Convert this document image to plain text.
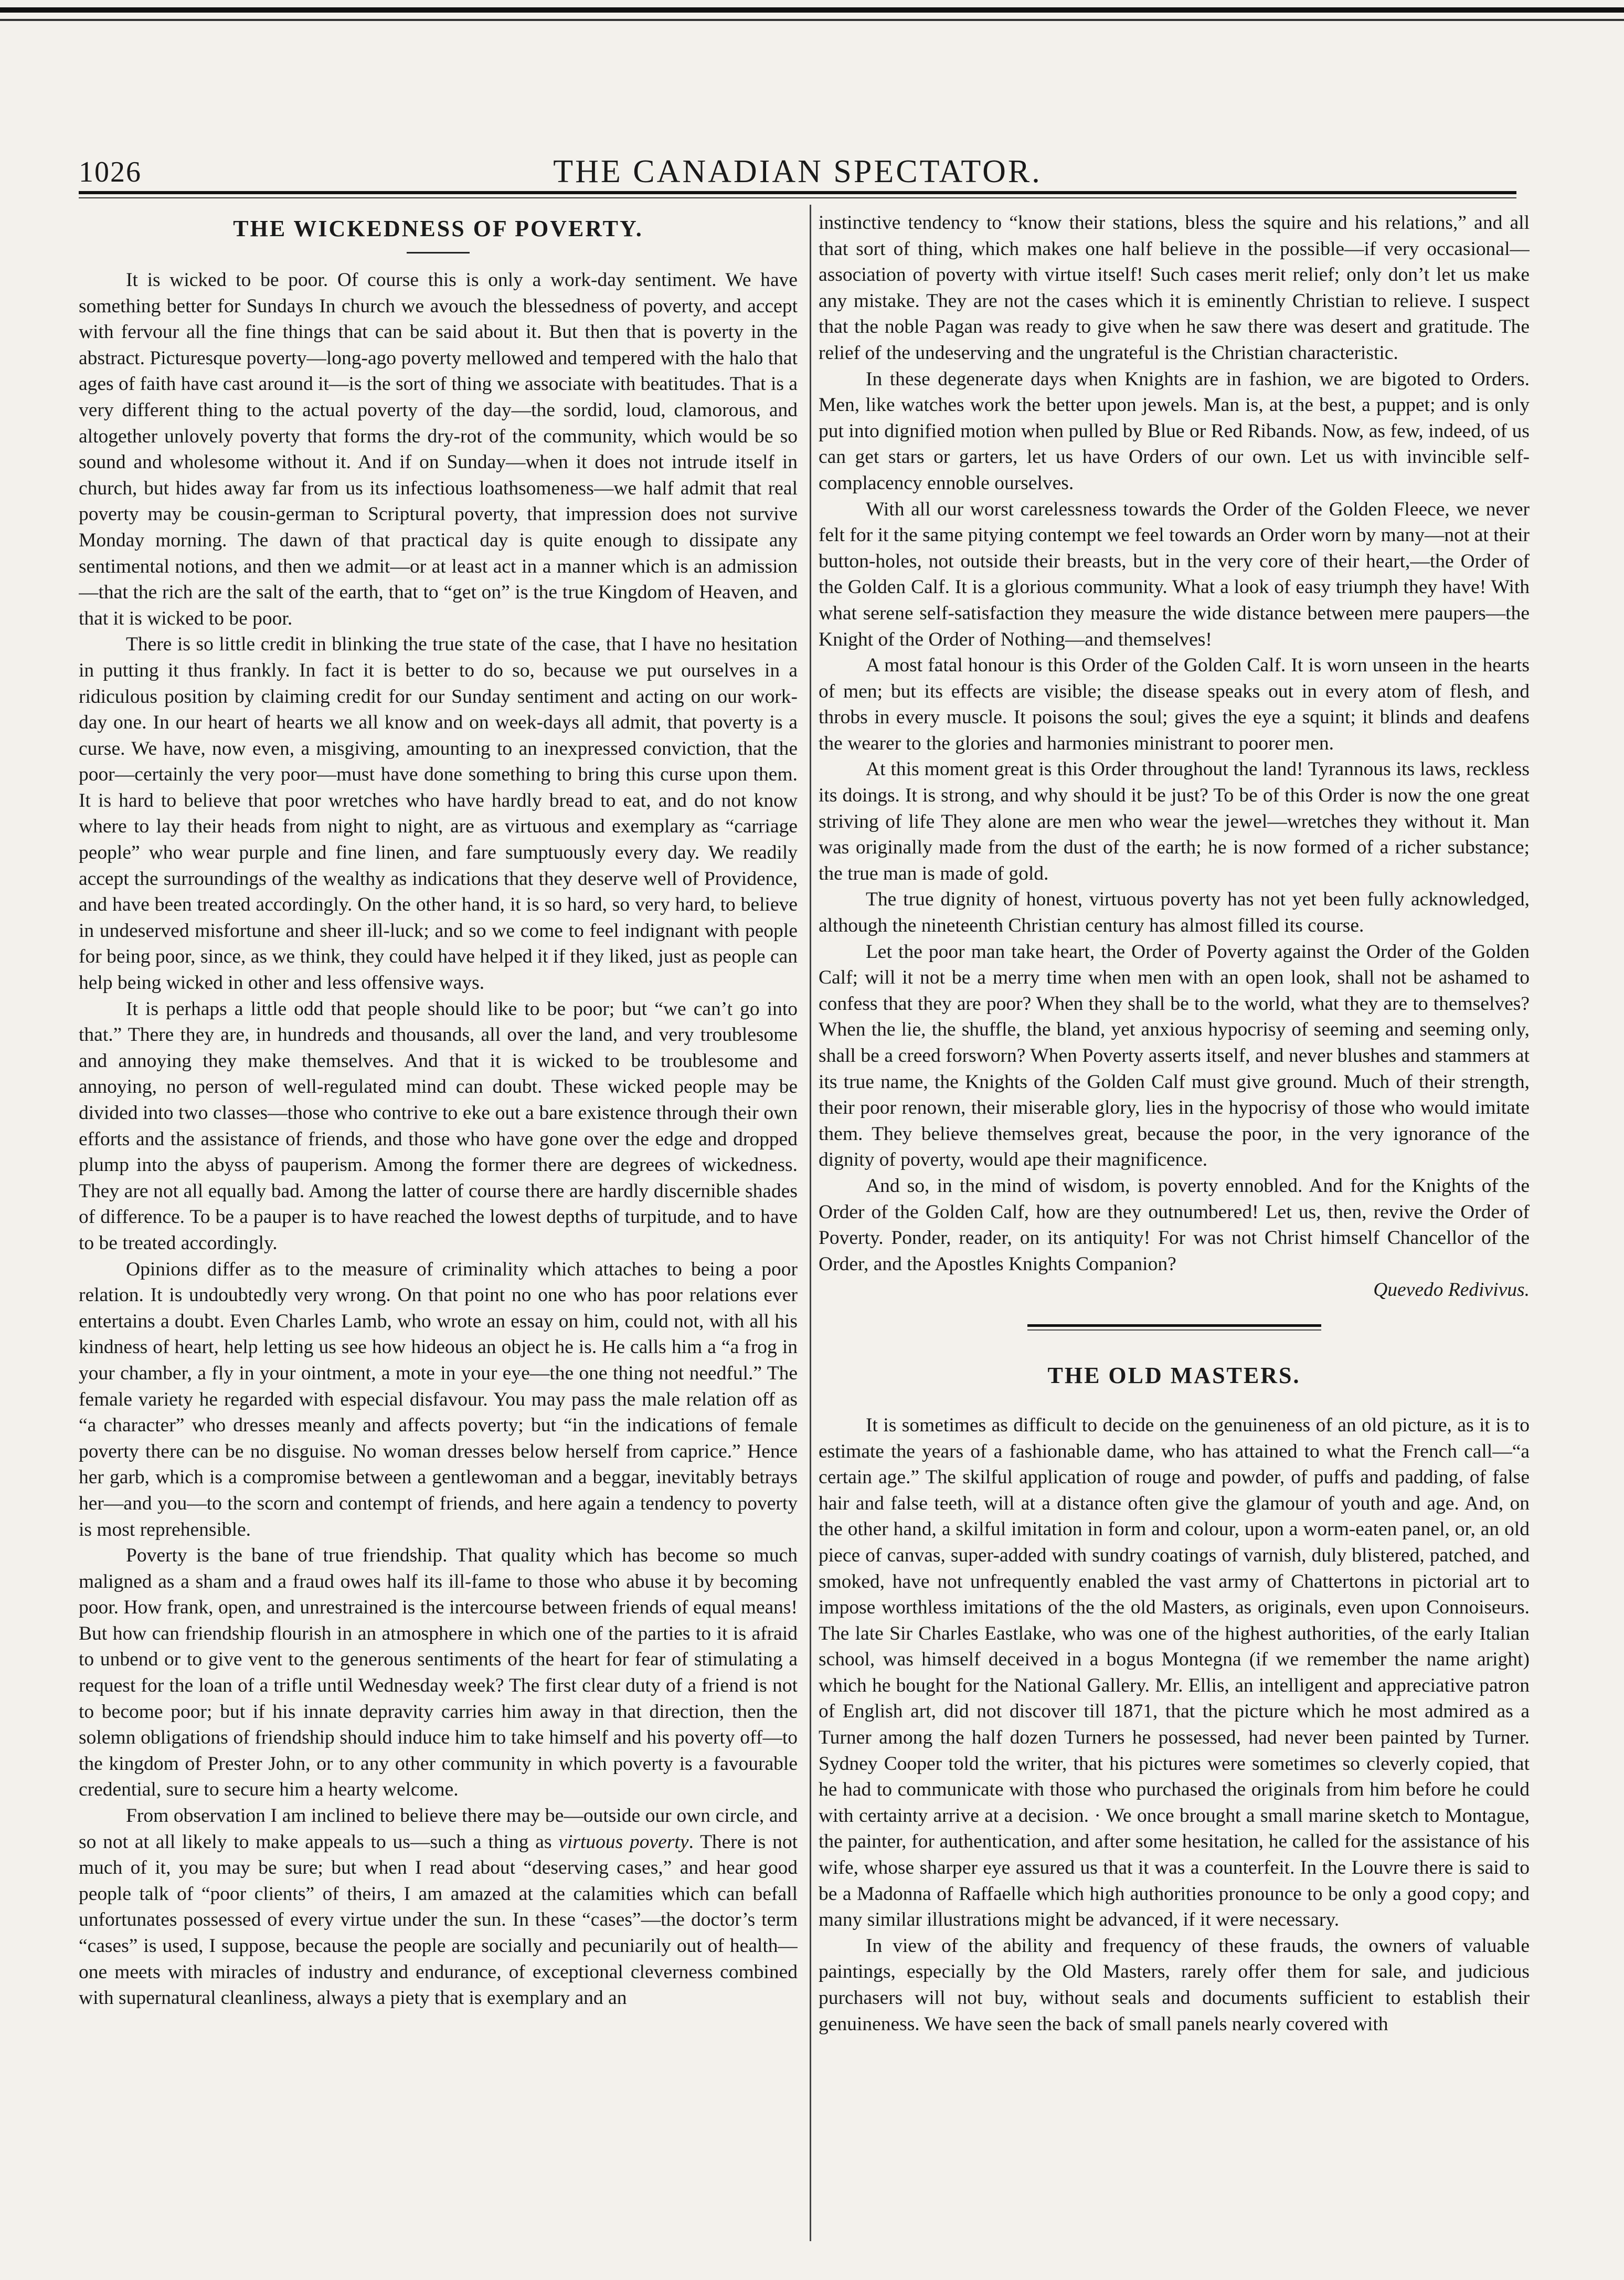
1026	THE CANADIAN SPECTATOR.
THE WICKEDNESS OF POVERTY.

It is wicked to be poor. Of course this is only a work-day sentiment. We have something better for Sundays In church we avouch the blessedness of poverty, and accept with fervour all the fine things that can be said about it. But then that is poverty in the abstract. Picturesque poverty—long-ago poverty mellowed and tempered with the halo that ages of faith have cast around it—is the sort of thing we associate with beatitudes. That is a very different thing to the actual poverty of the day—the sordid, loud, clamorous, and altogether unlovely poverty that forms the dry-rot of the community, which would be so sound and wholesome without it. And if on Sunday—when it does not intrude itself in church, but hides away far from us its infectious loathsomeness—we half admit that real poverty may be cousin-german to Scriptural poverty, that impression does not survive Monday morning. The dawn of that practical day is quite enough to dissipate any sentimental notions, and then we admit—or at least act in a manner which is an admission—that the rich are the salt of the earth, that to “get on” is the true Kingdom of Heaven, and that it is wicked to be poor.

There is so little credit in blinking the true state of the case, that I have no hesitation in putting it thus frankly. In fact it is better to do so, because we put ourselves in a ridiculous position by claiming credit for our Sunday sentiment and acting on our work-day one. In our heart of hearts we all know and on week-days all admit, that poverty is a curse. We have, now even, a misgiving, amounting to an inexpressed conviction, that the poor—certainly the very poor—must have done something to bring this curse upon them. It is hard to believe that poor wretches who have hardly bread to eat, and do not know where to lay their heads from night to night, are as virtuous and exemplary as “carriage people” who wear purple and fine linen, and fare sumptuously every day. We readily accept the surroundings of the wealthy as indications that they deserve well of Providence, and have been treated accordingly. On the other hand, it is so hard, so very hard, to believe in undeserved misfortune and sheer ill-luck; and so we come to feel indignant with people for being poor, since, as we think, they could have helped it if they liked, just as people can help being wicked in other and less offensive ways.

It is perhaps a little odd that people should like to be poor; but “we can’t go into that.” There they are, in hundreds and thousands, all over the land, and very troublesome and annoying they make themselves. And that it is wicked to be troublesome and annoying, no person of well-regulated mind can doubt. These wicked people may be divided into two classes—those who contrive to eke out a bare existence through their own efforts and the assistance of friends, and those who have gone over the edge and dropped plump into the abyss of pauperism. Among the former there are degrees of wickedness. They are not all equally bad. Among the latter of course there are hardly discernible shades of difference. To be a pauper is to have reached the lowest depths of turpitude, and to have to be treated accordingly.

Opinions differ as to the measure of criminality which attaches to being a poor relation. It is undoubtedly very wrong. On that point no one who has poor relations ever entertains a doubt. Even Charles Lamb, who wrote an essay on him, could not, with all his kindness of heart, help letting us see how hideous an object he is. He calls him a “a frog in your chamber, a fly in your ointment, a mote in your eye—the one thing not needful.” The female variety he regarded with especial disfavour. You may pass the male relation off as “a character” who dresses meanly and affects poverty; but “in the indications of female poverty there can be no disguise. No woman dresses below herself from caprice.” Hence her garb, which is a compromise between a gentlewoman and a beggar, inevitably betrays her—and you—to the scorn and contempt of friends, and here again a tendency to poverty is most reprehensible.

Poverty is the bane of true friendship. That quality which has become so much maligned as a sham and a fraud owes half its ill-fame to those who abuse it by becoming poor. How frank, open, and unrestrained is the intercourse between friends of equal means! But how can friendship flourish in an atmosphere in which one of the parties to it is afraid to unbend or to give vent to the generous sentiments of the heart for fear of stimulating a request for the loan of a trifle until Wednesday week? The first clear duty of a friend is not to become poor; but if his innate depravity carries him away in that direction, then the solemn obligations of friendship should induce him to take himself and his poverty off—to the kingdom of Prester John, or to any other community in which poverty is a favourable credential, sure to secure him a hearty welcome.

From observation I am inclined to believe there may be—outside our own circle, and so not at all likely to make appeals to us—such a thing as virtuous poverty. There is not much of it, you may be sure; but when I read about “deserving cases,” and hear good people talk of “poor clients” of theirs, I am amazed at the calamities which can befall unfortunates possessed of every virtue under the sun. In these “cases”—the doctor’s term “cases” is used, I suppose, because the people are socially and pecuniarily out of health—one meets with miracles of industry and endurance, of exceptional cleverness combined with supernatural cleanliness, always a piety that is exemplary and an

instinctive tendency to “know their stations, bless the squire and his relations,” and all that sort of thing, which makes one half believe in the possible—if very occasional—association of poverty with virtue itself! Such cases merit relief; only don’t let us make any mistake. They are not the cases which it is eminently Christian to relieve. I suspect that the noble Pagan was ready to give when he saw there was desert and gratitude. The relief of the undeserving and the ungrateful is the Christian characteristic.

In these degenerate days when Knights are in fashion, we are bigoted to Orders. Men, like watches work the better upon jewels. Man is, at the best, a puppet; and is only put into dignified motion when pulled by Blue or Red Ribands. Now, as few, indeed, of us can get stars or garters, let us have Orders of our own. Let us with invincible self-complacency ennoble ourselves.

With all our worst carelessness towards the Order of the Golden Fleece, we never felt for it the same pitying contempt we feel towards an Order worn by many—not at their button-holes, not outside their breasts, but in the very core of their heart,—the Order of the Golden Calf. It is a glorious community. What a look of easy triumph they have! With what serene self-satisfaction they measure the wide distance between mere paupers—the Knight of the Order of Nothing—and themselves!

A most fatal honour is this Order of the Golden Calf. It is worn unseen in the hearts of men; but its effects are visible; the disease speaks out in every atom of flesh, and throbs in every muscle. It poisons the soul; gives the eye a squint; it blinds and deafens the wearer to the glories and harmonies ministrant to poorer men.

At this moment great is this Order throughout the land! Tyrannous its laws, reckless its doings. It is strong, and why should it be just? To be of this Order is now the one great striving of life They alone are men who wear the jewel—wretches they without it. Man was originally made from the dust of the earth; he is now formed of a richer substance; the true man is made of gold.

The true dignity of honest, virtuous poverty has not yet been fully acknowledged, although the nineteenth Christian century has almost filled its course.

Let the poor man take heart, the Order of Poverty against the Order of the Golden Calf; will it not be a merry time when men with an open look, shall not be ashamed to confess that they are poor? When they shall be to the world, what they are to themselves? When the lie, the shuffle, the bland, yet anxious hypocrisy of seeming and seeming only, shall be a creed forsworn? When Poverty asserts itself, and never blushes and stammers at its true name, the Knights of the Golden Calf must give ground. Much of their strength, their poor renown, their miserable glory, lies in the hypocrisy of those who would imitate them. They believe themselves great, because the poor, in the very ignorance of the dignity of poverty, would ape their magnificence.

And so, in the mind of wisdom, is poverty ennobled. And for the Knights of the Order of the Golden Calf, how are they outnumbered! Let us, then, revive the Order of Poverty. Ponder, reader, on its antiquity! For was not Christ himself Chancellor of the Order, and the Apostles Knights Companion?

Quevedo Redivivus.

THE OLD MASTERS.

It is sometimes as difficult to decide on the genuineness of an old picture, as it is to estimate the years of a fashionable dame, who has attained to what the French call—“a certain age.” The skilful application of rouge and powder, of puffs and padding, of false hair and false teeth, will at a distance often give the glamour of youth and age. And, on the other hand, a skilful imitation in form and colour, upon a worm-eaten panel, or, an old piece of canvas, super-added with sundry coatings of varnish, duly blistered, patched, and smoked, have not unfrequently enabled the vast army of Chattertons in pictorial art to impose worthless imitations of the the old Masters, as originals, even upon Connoiseurs. The late Sir Charles Eastlake, who was one of the highest authorities, of the early Italian school, was himself deceived in a bogus Montegna (if we remember the name aright) which he bought for the National Gallery. Mr. Ellis, an intelligent and appreciative patron of English art, did not discover till 1871, that the picture which he most admired as a Turner among the half dozen Turners he possessed, had never been painted by Turner. Sydney Cooper told the writer, that his pictures were sometimes so cleverly copied, that he had to communicate with those who purchased the originals from him before he could with certainty arrive at a decision. · We once brought a small marine sketch to Montague, the painter, for authentication, and after some hesitation, he called for the assistance of his wife, whose sharper eye assured us that it was a counterfeit. In the Louvre there is said to be a Madonna of Raffaelle which high authorities pronounce to be only a good copy; and many similar illustrations might be advanced, if it were necessary.

In view of the ability and frequency of these frauds, the owners of valuable paintings, especially by the Old Masters, rarely offer them for sale, and judicious purchasers will not buy, without seals and documents sufficient to establish their genuineness. We have seen the back of small panels nearly covered with
